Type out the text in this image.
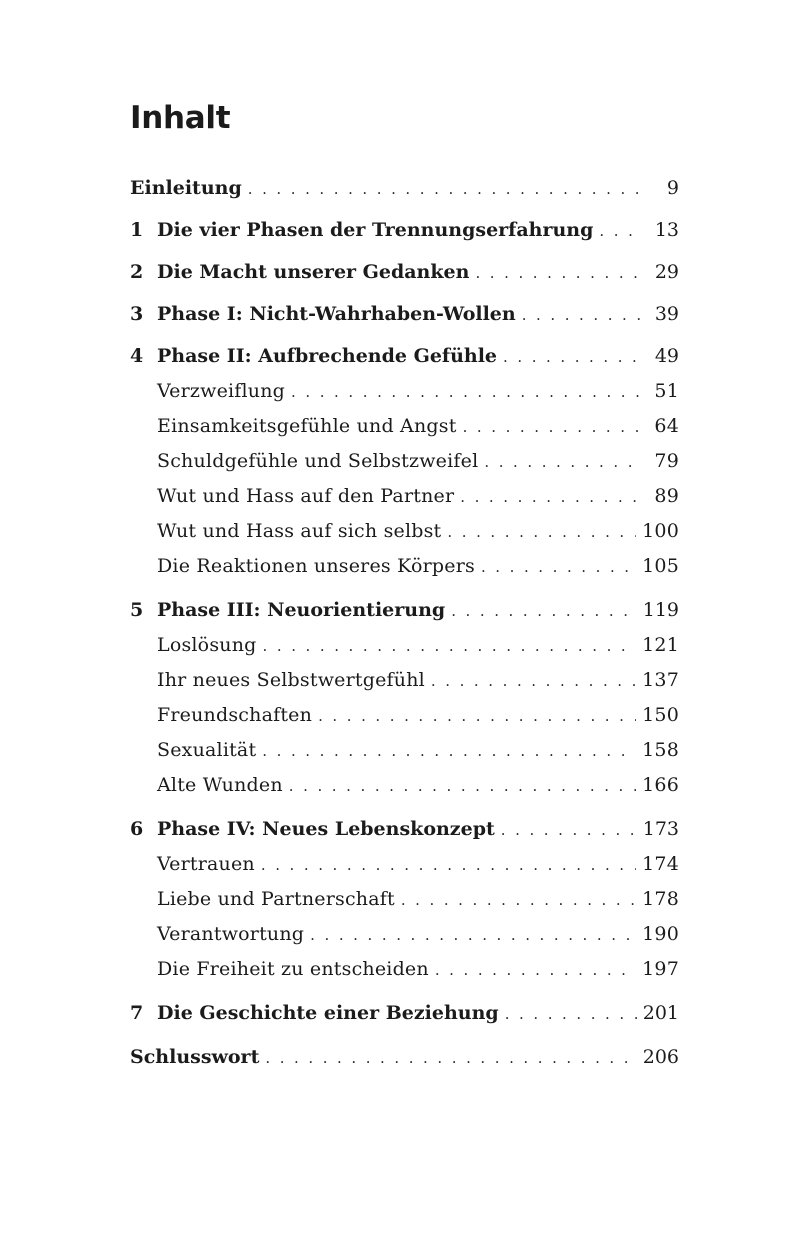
Inhalt
Einleitung . . .	9
1 Die vier Phasen der Trennungserfahrung . . .	13
2 Die Macht unserer Gedanken . . .	29
3 Phase I: Nicht-Wahrhaben-Wollen . . .	39
4 Phase II: Aufbrechende Gefühle . . .	49
Verzweiflung . . .	51
Einsamkeitsgefühle und Angst . . .	64
Schuldgefühle und Selbstzweifel . . .	79
Wut und Hass auf den Partner . . .	89
Wut und Hass auf sich selbst . . .	100
Die Reaktionen unseres Körpers . . .	105
5 Phase III: Neuorientierung . . .	119
Loslösung . . .	121
Ihr neues Selbstwertgefühl . . .	137
Freundschaften . . .	150
Sexualität . . .	158
Alte Wunden . . .	166
6 Phase IV: Neues Lebenskonzept . . .	173
Vertrauen . . .	174
Liebe und Partnerschaft . . .	178
Verantwortung . . .	190
Die Freiheit zu entscheiden . . .	197
7 Die Geschichte einer Beziehung . . .	201
Schlusswort . . .	206
